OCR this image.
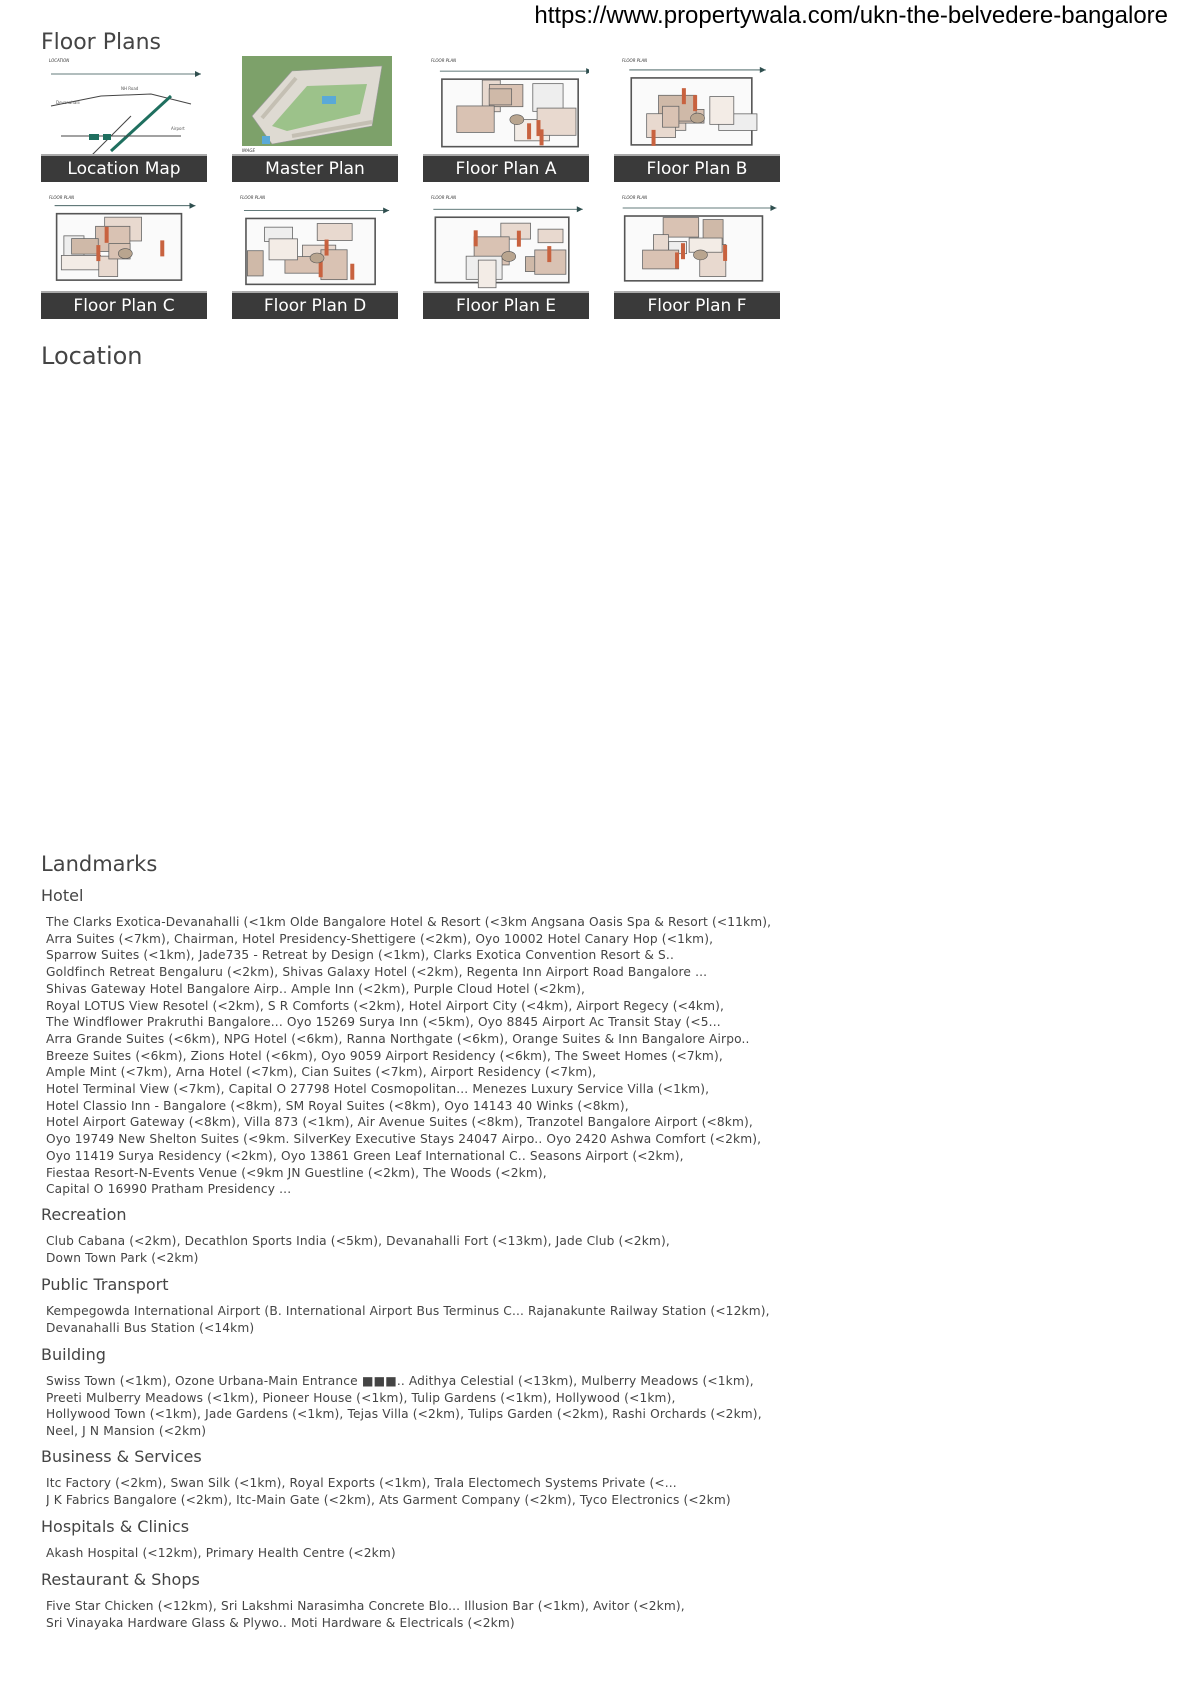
https://www.propertywala.com/ukn-the-belvedere-bangalore
Floor Plans
Devanahalli
NH Road
Airport
LOCATION
Location Map
IMAGE
Master Plan
FLOOR PLAN
Floor Plan A
FLOOR PLAN
Floor Plan B
FLOOR PLAN
Floor Plan C
FLOOR PLAN
Floor Plan D
FLOOR PLAN
Floor Plan E
FLOOR PLAN
Floor Plan F
Location
Landmarks
Hotel
The Clarks Exotica-Devanahalli (<1km Olde Bangalore Hotel & Resort (<3km Angsana Oasis Spa & Resort (<11km),
Arra Suites (<7km), Chairman, Hotel Presidency-Shettigere (<2km), Oyo 10002 Hotel Canary Hop (<1km),
Sparrow Suites (<1km), Jade735 - Retreat by Design (<1km), Clarks Exotica Convention Resort & S..
Goldfinch Retreat Bengaluru (<2km), Shivas Galaxy Hotel (<2km), Regenta Inn Airport Road Bangalore ...
Shivas Gateway Hotel Bangalore Airp.. Ample Inn (<2km), Purple Cloud Hotel (<2km),
Royal LOTUS View Resotel (<2km), S R Comforts (<2km), Hotel Airport City (<4km), Airport Regecy (<4km),
The Windflower Prakruthi Bangalore... Oyo 15269 Surya Inn (<5km), Oyo 8845 Airport Ac Transit Stay (<5...
Arra Grande Suites (<6km), NPG Hotel (<6km), Ranna Northgate (<6km), Orange Suites & Inn Bangalore Airpo..
Breeze Suites (<6km), Zions Hotel (<6km), Oyo 9059 Airport Residency (<6km), The Sweet Homes (<7km),
Ample Mint (<7km), Arna Hotel (<7km), Cian Suites (<7km), Airport Residency (<7km),
Hotel Terminal View (<7km), Capital O 27798 Hotel Cosmopolitan... Menezes Luxury Service Villa (<1km),
Hotel Classio Inn - Bangalore (<8km), SM Royal Suites (<8km), Oyo 14143 40 Winks (<8km),
Hotel Airport Gateway (<8km), Villa 873 (<1km), Air Avenue Suites (<8km), Tranzotel Bangalore Airport (<8km),
Oyo 19749 New Shelton Suites (<9km. SilverKey Executive Stays 24047 Airpo.. Oyo 2420 Ashwa Comfort (<2km),
Oyo 11419 Surya Residency (<2km), Oyo 13861 Green Leaf International C.. Seasons Airport (<2km),
Fiestaa Resort-N-Events Venue (<9km JN Guestline (<2km), The Woods (<2km),
Capital O 16990 Pratham Presidency ...
Recreation
Club Cabana (<2km), Decathlon Sports India (<5km), Devanahalli Fort (<13km), Jade Club (<2km),
Down Town Park (<2km)
Public Transport
Kempegowda International Airport (B. International Airport Bus Terminus C... Rajanakunte Railway Station (<12km),
Devanahalli Bus Station (<14km)
Building
Swiss Town (<1km), Ozone Urbana-Main Entrance ■■■.. Adithya Celestial (<13km), Mulberry Meadows (<1km),
Preeti Mulberry Meadows (<1km), Pioneer House (<1km), Tulip Gardens (<1km), Hollywood (<1km),
Hollywood Town (<1km), Jade Gardens (<1km), Tejas Villa (<2km), Tulips Garden (<2km), Rashi Orchards (<2km),
Neel, J N Mansion (<2km)
Business & Services
Itc Factory (<2km), Swan Silk (<1km), Royal Exports (<1km), Trala Electomech Systems Private (<...
J K Fabrics Bangalore (<2km), Itc-Main Gate (<2km), Ats Garment Company (<2km), Tyco Electronics (<2km)
Hospitals & Clinics
Akash Hospital (<12km), Primary Health Centre (<2km)
Restaurant & Shops
Five Star Chicken (<12km), Sri Lakshmi Narasimha Concrete Blo... Illusion Bar (<1km), Avitor (<2km),
Sri Vinayaka Hardware Glass & Plywo.. Moti Hardware & Electricals (<2km)
